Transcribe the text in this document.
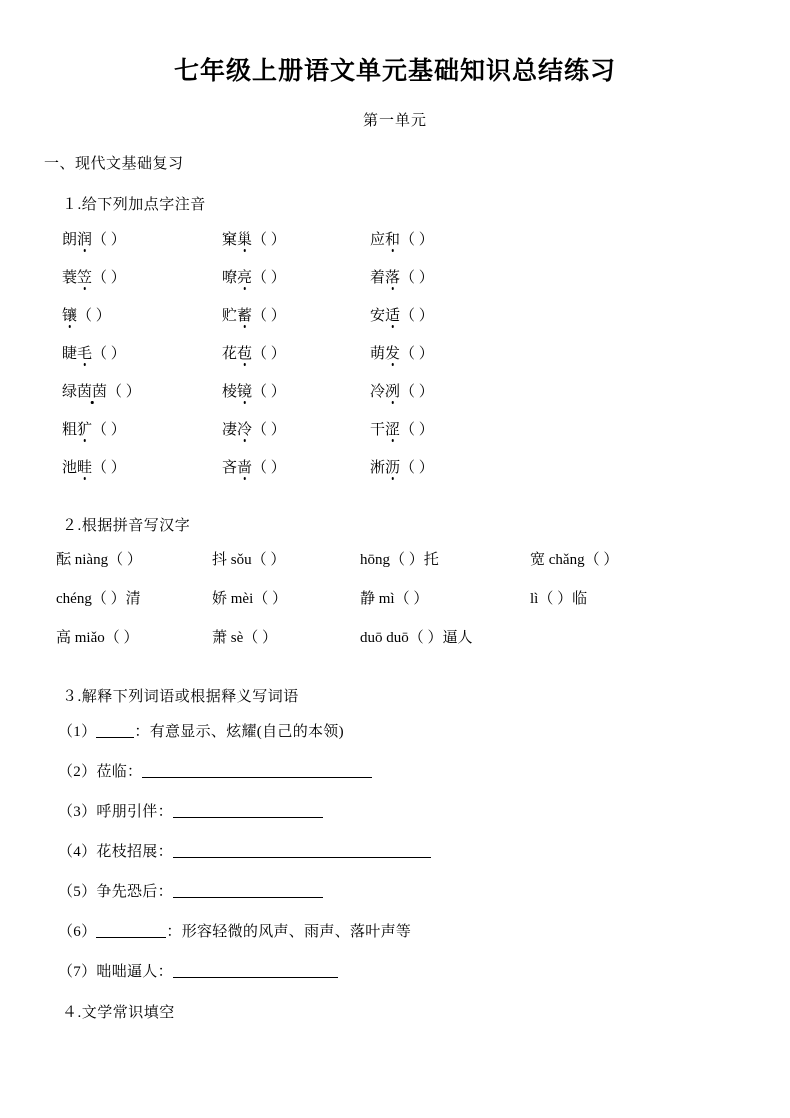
七年级上册语文单元基础知识总结练习
第一单元
一、现代文基础复习
１.给下列加点字注音
朗润（ ）	窠巢（ ）	应和（ ）
蓑笠（ ）	嘹亮（ ）	着落（ ）
镶（ ）	贮蓄（ ）	安适（ ）
睫毛（ ）	花苞（ ）	萌发（ ）
绿茵茵（ ）	棱镜（ ）	冷冽（ ）
粗犷（ ）	凄冷（ ）	干涩（ ）
池畦（ ）	吝啬（ ）	淅沥（ ）
２.根据拼音写汉字
酝 niàng（ ）	抖 sǒu（ ）	hōng（ ）托	宽 chǎng（ ）
chéng（ ）清	娇 mèi（ ）	静 mì（ ）	lì（ ）临
高 miǎo（ ）	萧 sè（ ）	duō duō（ ）逼人	
３.解释下列词语或根据释义写词语
（1）	：有意显示、炫耀(自己的本领)
（2）莅临：
（3）呼朋引伴：
（4）花枝招展：
（5）争先恐后：
（6）	：形容轻微的风声、雨声、落叶声等
（7）咄咄逼人：
４.文学常识填空
